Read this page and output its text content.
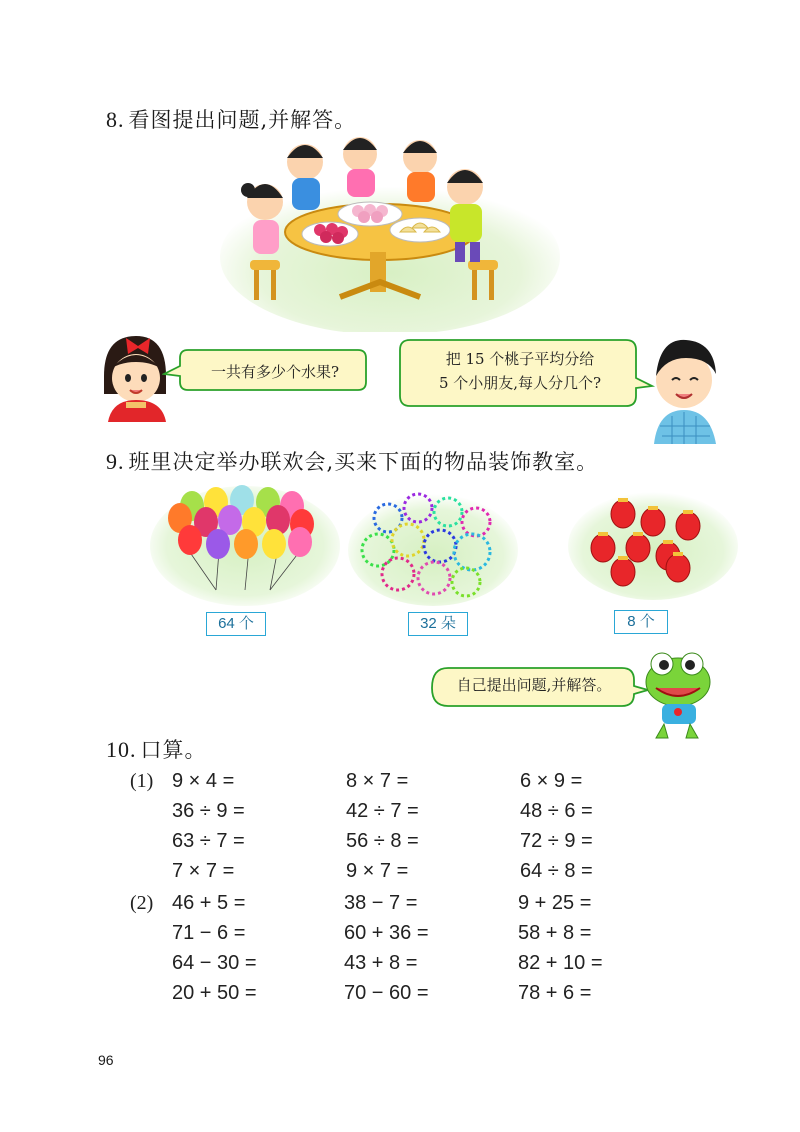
8. 看图提出问题,并解答。
一共有多少个水果?
把 15 个桃子平均分给
5 个小朋友,每人分几个?
9. 班里决定举办联欢会,买来下面的物品装饰教室。
64 个	32 朵	8 个
自己提出问题,并解答。
10. 口算。
(1) 9 × 4 =	8 × 7 =	6 × 9 =
36 ÷ 9 =	42 ÷ 7 =	48 ÷ 6 =
63 ÷ 7 =	56 ÷ 8 =	72 ÷ 9 =
7 × 7 =	9 × 7 =	64 ÷ 8 =
(2) 46 + 5 =	38 − 7 =	9 + 25 =
71 − 6 =	60 + 36 =	58 + 8 =
64 − 30 =	43 + 8 =	82 + 10 =
20 + 50 =	70 − 60 =	78 + 6 =
96
